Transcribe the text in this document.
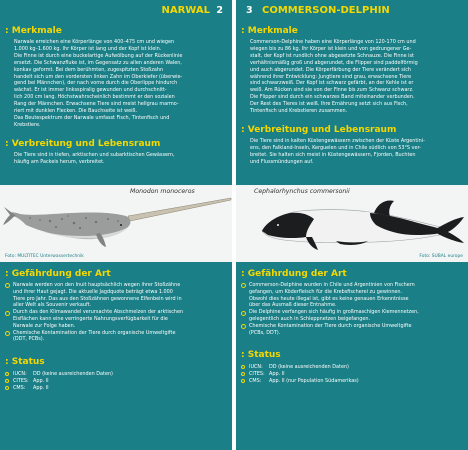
NARWAL 2
: Merkmale
Narwale erreichen eine Körperlänge von 400–475 cm und wiegen
1.000 kg–1.600 kg. Ihr Körper ist lang und der Kopf ist klein.
Die Finne ist durch eine buckelartige Aufwölbung auf der Rückenlinie
ersetzt. Die Schwanzfluke ist, im Gegensatz zu allen anderen Walen,
konkav geformt. Bei dem berühmten, zugespitzten Stoßzahn
handelt sich um den vordersten linken Zahn im Oberkiefer (überwie-
gend bei Männchen), der nach vorne durch die Oberlippe hindurch
wächst. Er ist immer linksspiralig gewunden und durchschnitt-
lich 200 cm lang. Höchstwahrscheinlich bestimmt er den sozialen
Rang der Männchen. Erwachsene Tiere sind meist hellgrau marmo-
riert mit dunklen Flecken. Die Bauchseite ist weiß.
Das Beutespektrum der Narwale umfasst Fisch, Tintenfisch und
Krebstiere.
: Verbreitung und Lebensraum
Die Tiere sind in tiefen, arktischen und subarktischen Gewässern,
häufig am Packeis herum, verbreitet.
Monodon monoceros
Foto: MULTITEC Unterwassertechnik
: Gefährdung der Art
Narwale werden von den Inuit hauptsächlich wegen ihrer Stoßzähne
und ihrer Haut gejagt. Die aktuelle Jagdquote beträgt etwa 1.000
Tiere pro Jahr. Das aus den Stoßzähnen gewonnene Elfenbein wird in
aller Welt als Souvenir verkauft.
Durch das den Klimawandel verursachte Abschmelzen der arktischen
Eisflächen kann eine verringerte Nahrungsverfügbarkeit für die
Narwale zur Folge haben.
Chemische Kontamination der Tiere durch organische Umweltgifte
(DDT, PCBs).
: Status
IUCN: DD (keine ausreichenden Daten)
CITES: App. II
CMS: App. II
3 COMMERSON-DELPHIN
: Merkmale
Commerson-Delphine haben eine Körperlänge von 120-170 cm und
wiegen bis zu 86 kg. Ihr Körper ist klein und von gedrungener Ge-
stalt, der Kopf ist rundlich ohne abgesetzte Schnauze. Die Finne ist
verhältnismäßig groß und abgerundet, die Flipper sind paddelförmig
und auch abgerundet. Die Körperfärbung der Tiere verändert sich
während ihrer Entwicklung: Jungtiere sind grau, erwachsene Tiere
sind schwarzweiß. Der Kopf ist schwarz gefärbt, an der Kehle ist er
weiß. Am Rücken sind sie von der Finne bis zum Schwanz schwarz.
Die Flipper sind durch ein schwarzes Band miteinander verbunden.
Der Rest des Tieres ist weiß. Ihre Ernährung setzt sich aus Fisch,
Tintenfisch und Krebstieren zusammen.
: Verbreitung und Lebensraum
Die Tiere sind in kalten Küstengewässern zwischen der Küste Argentini-
ens, den Falkland-Inseln, Kerguelen und in Chile südlich von 53°S ver-
breitet. Sie halten sich meist in Küstengewässern, Fjorden, Buchten
und Flussmündungen auf.
Cephalorhynchus commersonii
Foto: SUBAL europe
: Gefährdung der Art
Commerson-Delphine wurden in Chile und Argentinien von Fischern
gefangen, um Köderfleisch für die Krebsfischerei zu gewinnen.
Obwohl dies heute illegal ist, gibt es keine genauen Erkenntnisse
über das Ausmaß dieser Entnahme.
Die Delphine verfangen sich häufig in großmaschigen Kiemennetzen,
gelegentlich auch in Schleppnetzen beigefangen.
Chemische Kontamination der Tiere durch organische Umweltgifte
(PCBs, DDT).
: Status
IUCN: DD (keine ausreichenden Daten)
CITES: App. II
CMS: App. II (nur Population Südamerikas)
